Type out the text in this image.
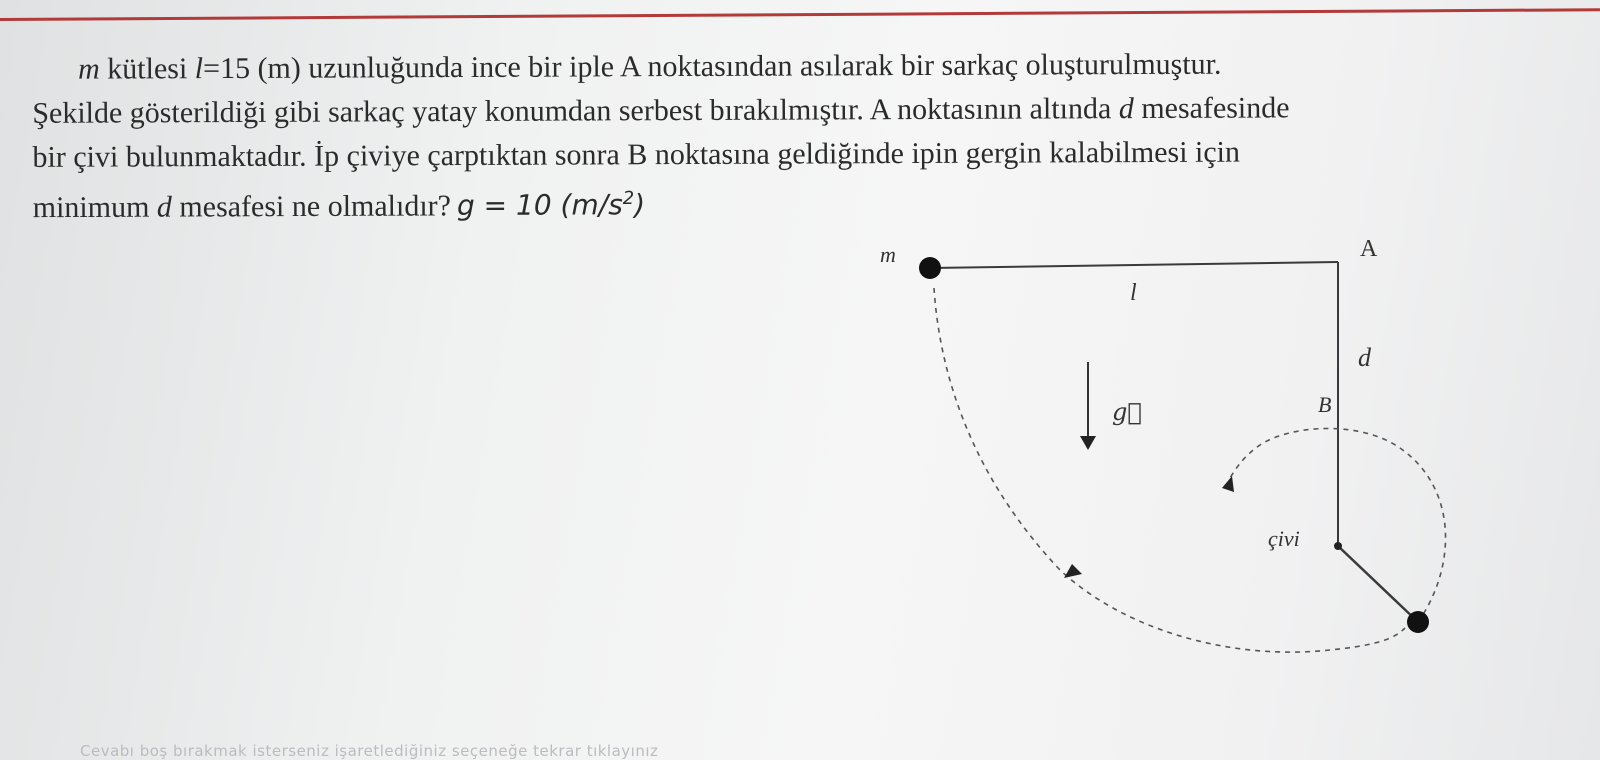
m kütlesi l=15 (m) uzunluğunda ince bir iple A noktasından asılarak bir sarkaç oluşturulmuştur.
Şekilde gösterildiği gibi sarkaç yatay konumdan serbest bırakılmıştır. A noktasının altında d mesafesinde
bir çivi bulunmaktadır. İp çiviye çarptıktan sonra B noktasına geldiğinde ipin gergin kalabilmesi için
minimum d mesafesi ne olmalıdır? g = 10 $(m/s^2)$
m	A
l
d
g⃗	B
çivi
Cevabı boş bırakmak isterseniz işaretlediğiniz seçeneğe tekrar tıklayınız
